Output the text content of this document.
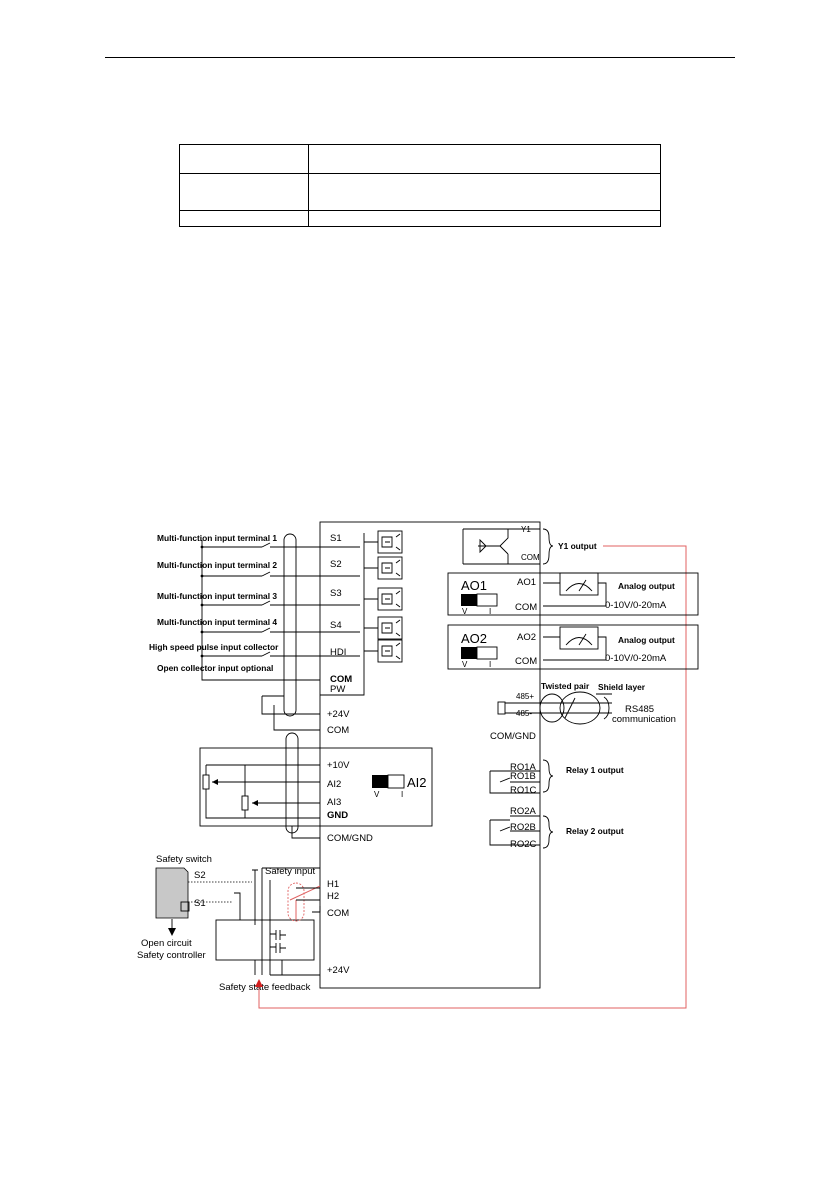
Multi-function input terminal 1
Multi-function input terminal 2
Multi-function input terminal 3
Multi-function input terminal 4
High speed pulse input collector
Open collector input optional
S1
S2
S3
S4
HDI
COM
PW
+24V
COM
+10V
AI2
AI3
GND
COM/GND
AI2
V	I
Safety switch
Open circuit
Safety controller
S2
S1
Safety input
H1
H2
COM
+24V
Safety state feedback
Y1
COM
Y1 output
AO1
V	I
AO1
COM
Analog output
0-10V/0-20mA
AO2
V	I
AO2
COM
Analog output
0-10V/0-20mA
Twisted pair Shield layer
485+
485-	RS485
communication
COM/GND
RO1A
RO1B
RO1C
Relay 1 output
RO2A
RO2B
RO2C
Relay 2 output
